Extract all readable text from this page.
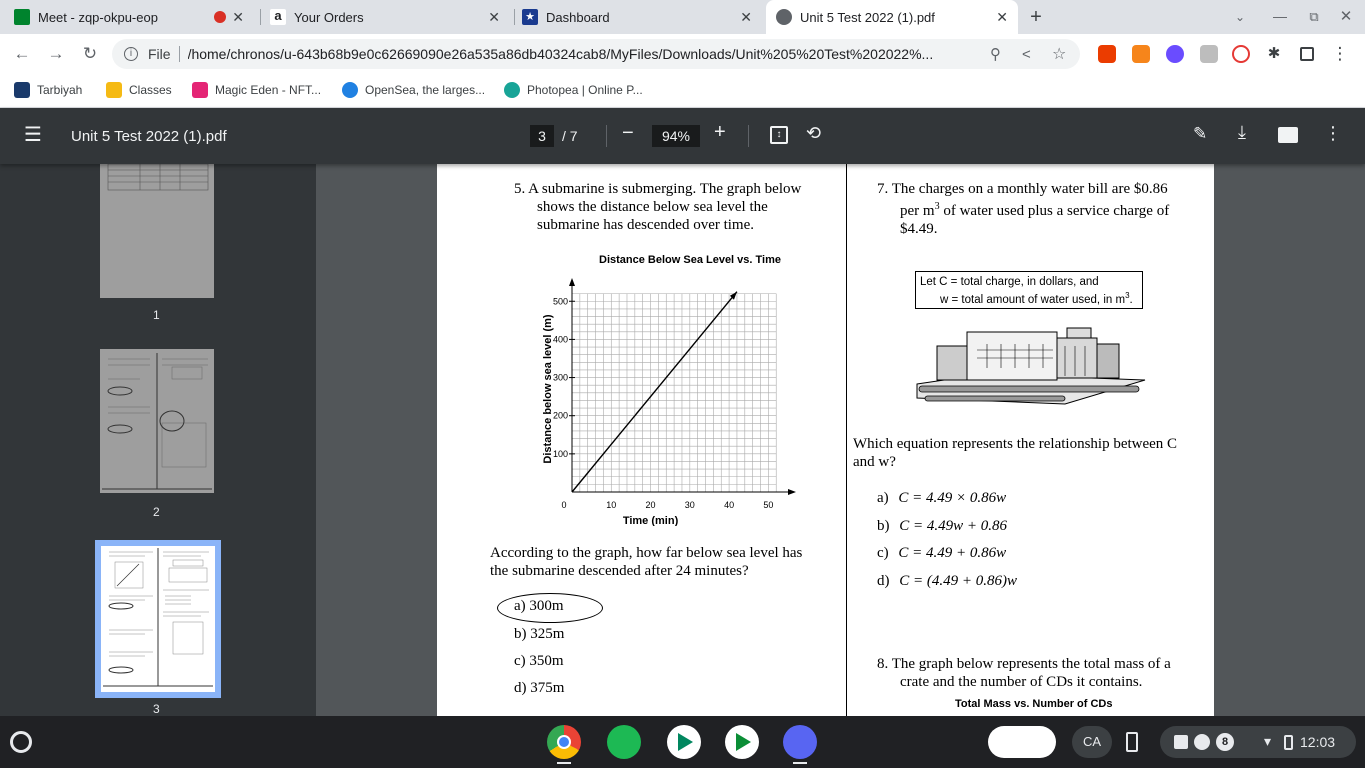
Meet - zqp-okpu-eop	✕	a Your Orders	✕ ★ Dashboard	✕	Unit 5 Test 2022 (1).pdf	✕	+	⌄	—	⧉	✕
← → ↻	i	File /home/chronos/u-643b68b9e0c62669090e26a535a86db40324cab8/MyFiles/Downloads/Unit%205%20Test%202022%...	⚲ < ☆	✱	⋮
Tarbiyah	Classes	Magic Eden - NFT...	OpenSea, the larges...	Photopea | Online P...
☰ Unit 5 Test 2022 (1).pdf	3	/ 7 −	94%	+	↕	⟲	✎ ⤓	⋮
1
2
3
5. A submarine is submerging. The graph below
shows the distance below sea level the
submarine has descended over time.
Distance Below Sea Level vs. Time
100
200
300
400
500
0	10	20	30	40	50
Time (min)
Distance below sea level (m)
According to the graph, how far below sea level has
the submarine descended after 24 minutes?
a) 300m
b) 325m
c) 350m
d) 375m
7. The charges on a monthly water bill are $0.86
per $m^3$ of water used plus a service charge of
$4.49.
Let C = total charge, in dollars, and
w = total amount of water used, in $m^3$.
Which equation represents the relationship between C
and w?
a) C = 4.49 × 0.86w
b) C = 4.49w + 0.86
c) C = 4.49 + 0.86w
d) C = (4.49 + 0.86)w
8. The graph below represents the total mass of a
crate and the number of CDs it contains.
Total Mass vs. Number of CDs
CA	8	▾ 12:03
